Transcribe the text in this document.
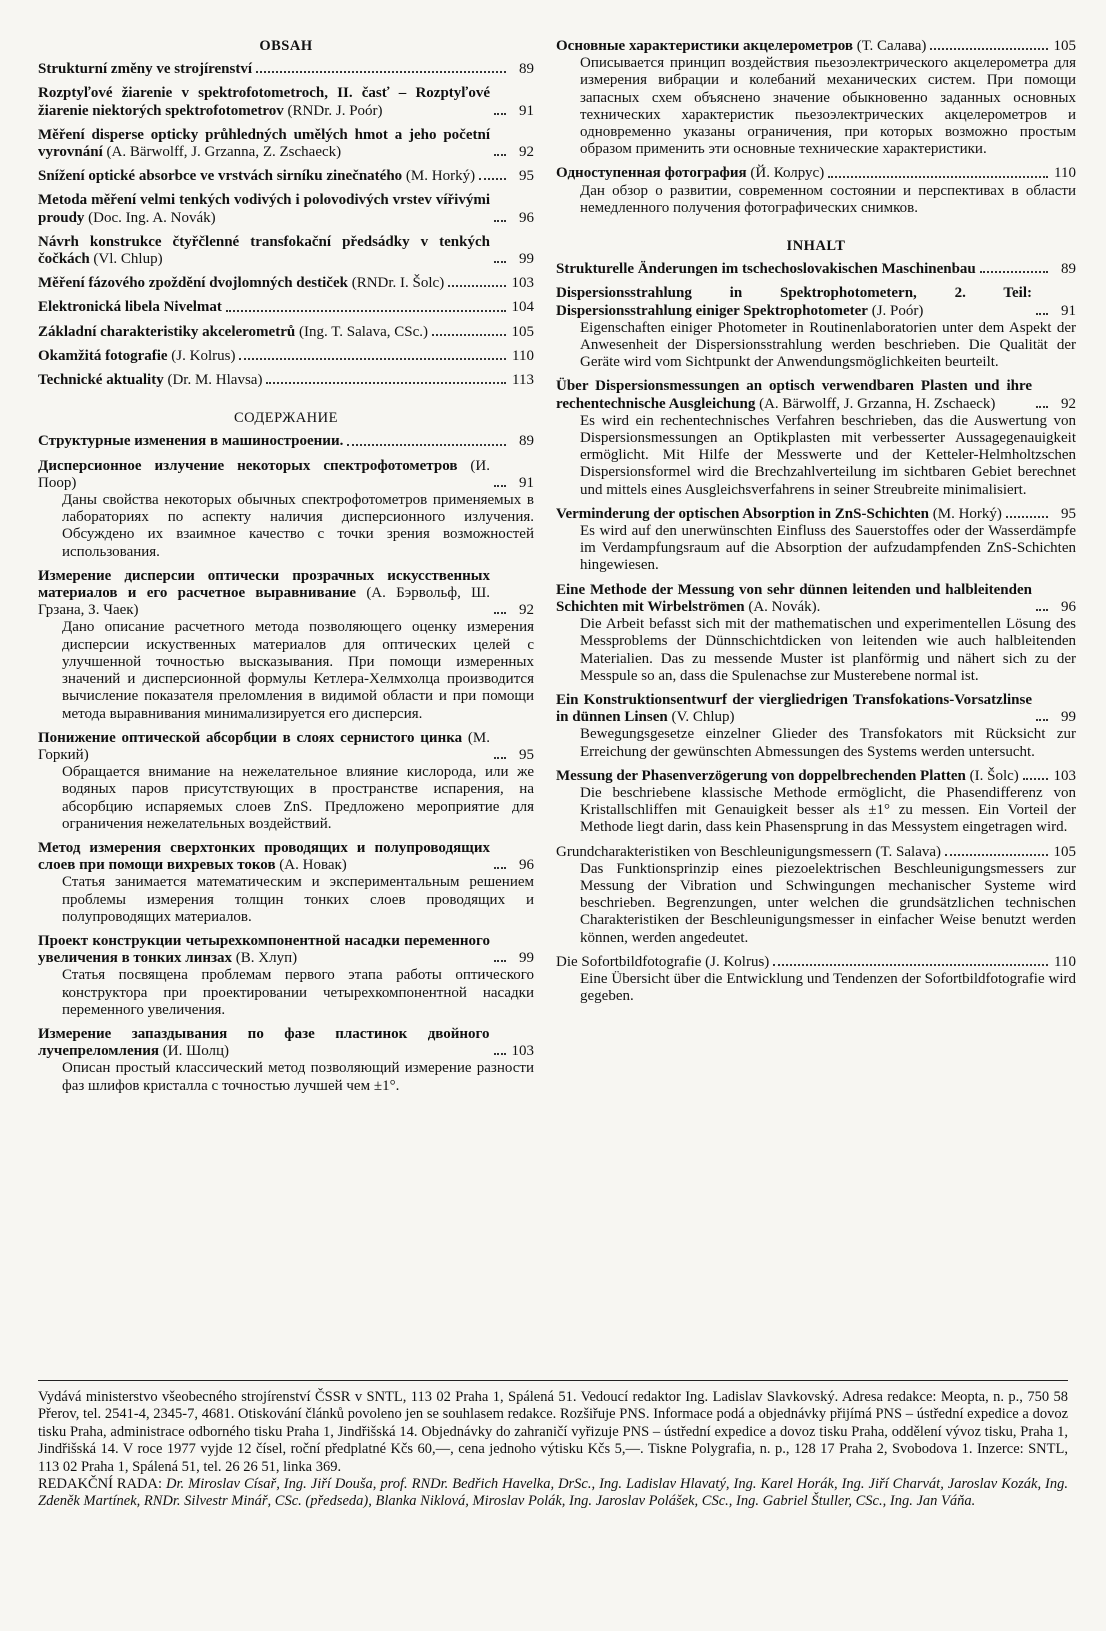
OBSAH
Strukturní změny ve strojírenství	89
Rozptyľové žiarenie v spektrofotometroch, II. časť – Rozptyľové žiarenie niektorých spektrofotometrov (RNDr. J. Poór)	91
Měření disperse opticky průhledných umělých hmot a jeho početní vyrovnání (A. Bärwolff, J. Grzanna, Z. Zschaeck)	92
Snížení optické absorbce ve vrstvách sirníku zinečnatého (M. Horký)	95
Metoda měření velmi tenkých vodivých i polovodivých vrstev vířivými proudy (Doc. Ing. A. Novák)	96
Návrh konstrukce čtyřčlenné transfokační předsádky v tenkých čočkách (Vl. Chlup)	99
Měření fázového zpoždění dvojlomných destiček (RNDr. I. Šolc)	103
Elektronická libela Nivelmat	104
Základní charakteristiky akcelerometrů (Ing. T. Salava, CSc.)	105
Okamžitá fotografie (J. Kolrus)	110
Technické aktuality (Dr. M. Hlavsa)	113
СОДЕРЖАНИЕ
Структурные изменения в машиностроении.	89
Дисперсионное излучение некоторых спектрофотометров (И. Поор)	91
Даны свойства некоторых обычных спектрофотометров применяемых в лабораториях по аспекту наличия дисперсионного излучения. Обсуждено их взаимное качество с точки зрения возможностей использования.
Измерение дисперсии оптически прозрачных искусственных материалов и его расчетное выравнивание (А. Бэрвольф, Ш. Грзана, З. Чаек)	92
Дано описание расчетного метода позволяющего оценку измерения дисперсии искуственных материалов для оптических целей с улучшенной точностью высказывания. При помощи измеренных значений и дисперсионной формулы Кетлера-Хелмхолца производится вычисление показателя преломления в видимой области и при помощи метода выравнивания минимализируется его дисперсия.
Понижение оптической абсорбции в слоях сернистого цинка (М. Горкий)	95
Обращается внимание на нежелательное влияние кислорода, или же водяных паров присутствующих в пространстве испарения, на абсорбцию испаряемых слоев ZnS. Предложено мероприятие для ограничения нежелательных воздействий.
Метод измерения сверхтонких проводящих и полупроводящих слоев при помощи вихревых токов (А. Новак)	96
Статья занимается математическим и экспериментальным решением проблемы измерения толщин тонких слоев проводящих и полупроводящих материалов.
Проект конструкции четырехкомпонентной насадки переменного увеличения в тонких линзах (В. Хлуп)	99
Статья посвящена проблемам первого этапа работы оптического конструктора при проектировании четырехкомпонентной насадки переменного увеличения.
Измерение запаздывания по фазе пластинок двойного лучепреломления (И. Шолц)	103
Описан простый классический метод позволяющий измерение разности фаз шлифов кристалла с точностью лучшей чем ±1°.
Основные характеристики акцелерометров (Т. Салава)	105
Описывается принцип воздействия пьезоэлектрического акцелерометра для измерения вибрации и колебаний механических систем. При помощи запасных схем объяснено значение обыкновенно заданных основных технических характеристик пьезоэлектрических акцелерометров и одновременно указаны ограничения, при которых возможно простым образом применить эти основные технические характеристики.
Одноступенная фотография (Й. Колрус)	110
Дан обзор о развитии, современном состоянии и перспективах в области немедленного получения фотографических снимков.
INHALT
Strukturelle Änderungen im tschechoslovakischen Maschinenbau	89
Dispersionsstrahlung in Spektrophotometern, 2. Teil: Dispersionsstrahlung einiger Spektrophotometer (J. Poór)	91
Eigenschaften einiger Photometer in Routinenlaboratorien unter dem Aspekt der Anwesenheit der Dispersionsstrahlung werden beschrieben. Die Qualität der Geräte wird vom Sichtpunkt der Anwendungsmöglichkeiten beurteilt.
Über Dispersionsmessungen an optisch verwendbaren Plasten und ihre rechentechnische Ausgleichung (A. Bärwolff, J. Grzanna, H. Zschaeck)	92
Es wird ein rechentechnisches Verfahren beschrieben, das die Auswertung von Dispersionsmessungen an Optikplasten mit verbesserter Aussagegenauigkeit ermöglicht. Mit Hilfe der Messwerte und der Ketteler-Helmholtzschen Dispersionsformel wird die Brechzahlverteilung im sichtbaren Gebiet berechnet und mittels eines Ausgleichsverfahrens in seiner Streubreite minimalisiert.
Verminderung der optischen Absorption in ZnS-Schichten (M. Horký)	95
Es wird auf den unerwünschten Einfluss des Sauerstoffes oder der Wasserdämpfe im Verdampfungsraum auf die Absorption der aufzudampfenden ZnS-Schichten hingewiesen.
Eine Methode der Messung von sehr dünnen leitenden und halbleitenden Schichten mit Wirbelströmen (A. Novák).	96
Die Arbeit befasst sich mit der mathematischen und experimentellen Lösung des Messproblems der Dünnschichtdicken von leitenden wie auch halbleitenden Materialien. Das zu messende Muster ist planförmig und nähert sich zu der Messpule so an, dass die Spulenachse zur Musterebene normal ist.
Ein Konstruktionsentwurf der viergliedrigen Transfokations-Vorsatzlinse in dünnen Linsen (V. Chlup)	99
Bewegungsgesetze einzelner Glieder des Transfokators mit Rücksicht zur Erreichung der gewünschten Abmessungen des Systems werden untersucht.
Messung der Phasenverzögerung von doppelbrechenden Platten (I. Šolc) 103
Die beschriebene klassische Methode ermöglicht, die Phasendifferenz von Kristallschliffen mit Genauigkeit besser als ±1° zu messen. Ein Vorteil der Methode liegt darin, dass kein Phasensprung in das Messystem eingetragen wird.
Grundcharakteristiken von Beschleunigungsmessern (T. Salava)	105
Das Funktionsprinzip eines piezoelektrischen Beschleunigungsmessers zur Messung der Vibration und Schwingungen mechanischer Systeme wird beschrieben. Begrenzungen, unter welchen die grundsätzlichen technischen Charakteristiken der Beschleunigungsmesser in einfacher Weise benutzt werden können, werden angedeutet.
Die Sofortbildfotografie (J. Kolrus)	110
Eine Übersicht über die Entwicklung und Tendenzen der Sofortbildfotografie wird gegeben.
Vydává ministerstvo všeobecného strojírenství ČSSR v SNTL, 113 02 Praha 1, Spálená 51. Vedoucí redaktor Ing. Ladislav Slavkovský. Adresa redakce: Meopta, n. p., 750 58 Přerov, tel. 2541-4, 2345-7, 4681. Otiskování článků povoleno jen se souhlasem redakce. Rozšiřuje PNS. Informace podá a objednávky přijímá PNS – ústřední expedice a dovoz tisku Praha, administrace odborného tisku Praha 1, Jindřišská 14. Objednávky do zahraničí vyřizuje PNS – ústřední expedice a dovoz tisku Praha, oddělení vývoz tisku, Praha 1, Jindřišská 14. V roce 1977 vyjde 12 čísel, roční předplatné Kčs 60,—, cena jednoho výtisku Kčs 5,—. Tiskne Polygrafia, n. p., 128 17 Praha 2, Svobodova 1. Inzerce: SNTL, 113 02 Praha 1, Spálená 51, tel. 26 26 51, linka 369.
REDAKČNÍ RADA: Dr. Miroslav Císař, Ing. Jiří Douša, prof. RNDr. Bedřich Havelka, DrSc., Ing. Ladislav Hlavatý, Ing. Karel Horák, Ing. Jiří Charvát, Jaroslav Kozák, Ing. Zdeněk Martínek, RNDr. Silvestr Minář, CSc. (předseda), Blanka Niklová, Miroslav Polák, Ing. Jaroslav Polášek, CSc., Ing. Gabriel Štuller, CSc., Ing. Jan Váňa.
